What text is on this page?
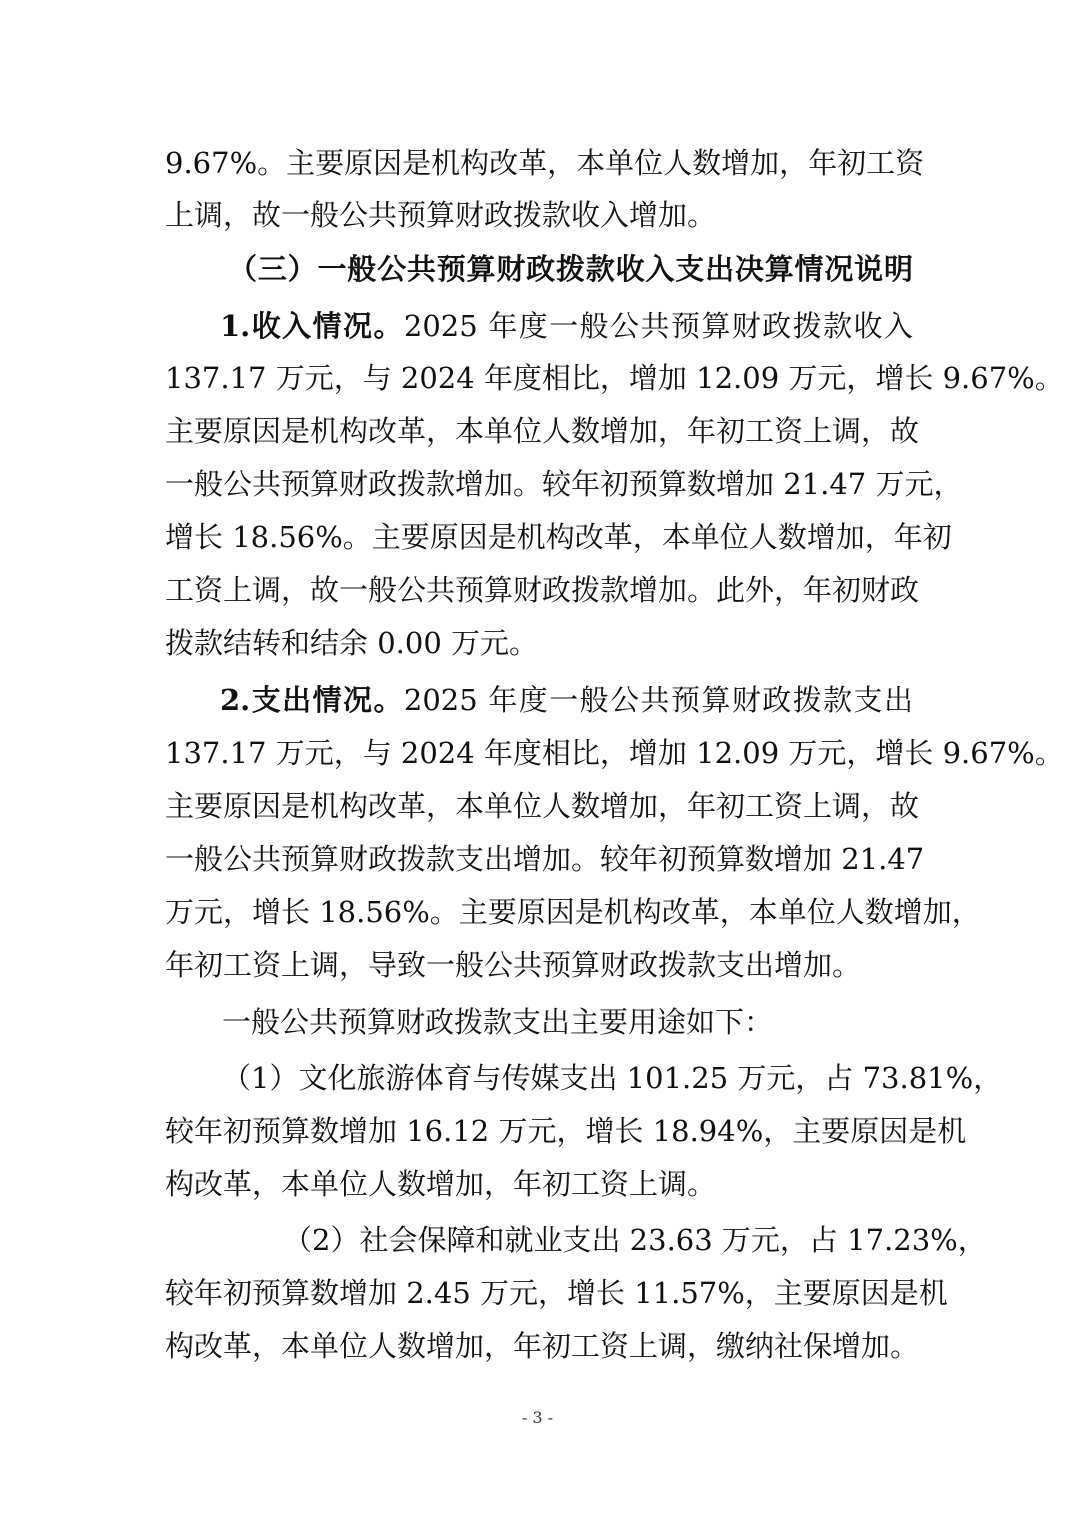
9.67%。主要原因是机构改革，本单位人数增加，年初工资
上调，故一般公共预算财政拨款收入增加。
（三）一般公共预算财政拨款收入支出决算情况说明
1.收入情况。2025 年度一般公共预算财政拨款收入
137.17 万元，与 2024 年度相比，增加 12.09 万元，增长 9.67%。
主要原因是机构改革，本单位人数增加，年初工资上调，故
一般公共预算财政拨款增加。较年初预算数增加 21.47 万元，
增长 18.56%。主要原因是机构改革，本单位人数增加，年初
工资上调，故一般公共预算财政拨款增加。此外，年初财政
拨款结转和结余 0.00 万元。
2.支出情况。2025 年度一般公共预算财政拨款支出
137.17 万元，与 2024 年度相比，增加 12.09 万元，增长 9.67%。
主要原因是机构改革，本单位人数增加，年初工资上调，故
一般公共预算财政拨款支出增加。较年初预算数增加 21.47
万元，增长 18.56%。主要原因是机构改革，本单位人数增加，
年初工资上调，导致一般公共预算财政拨款支出增加。
一般公共预算财政拨款支出主要用途如下：
（1）文化旅游体育与传媒支出 101.25 万元，占 73.81%，
较年初预算数增加 16.12 万元，增长 18.94%，主要原因是机
构改革，本单位人数增加，年初工资上调。
（2）社会保障和就业支出 23.63 万元，占 17.23%，
较年初预算数增加 2.45 万元，增长 11.57%，主要原因是机
构改革，本单位人数增加，年初工资上调，缴纳社保增加。
- 3 -
